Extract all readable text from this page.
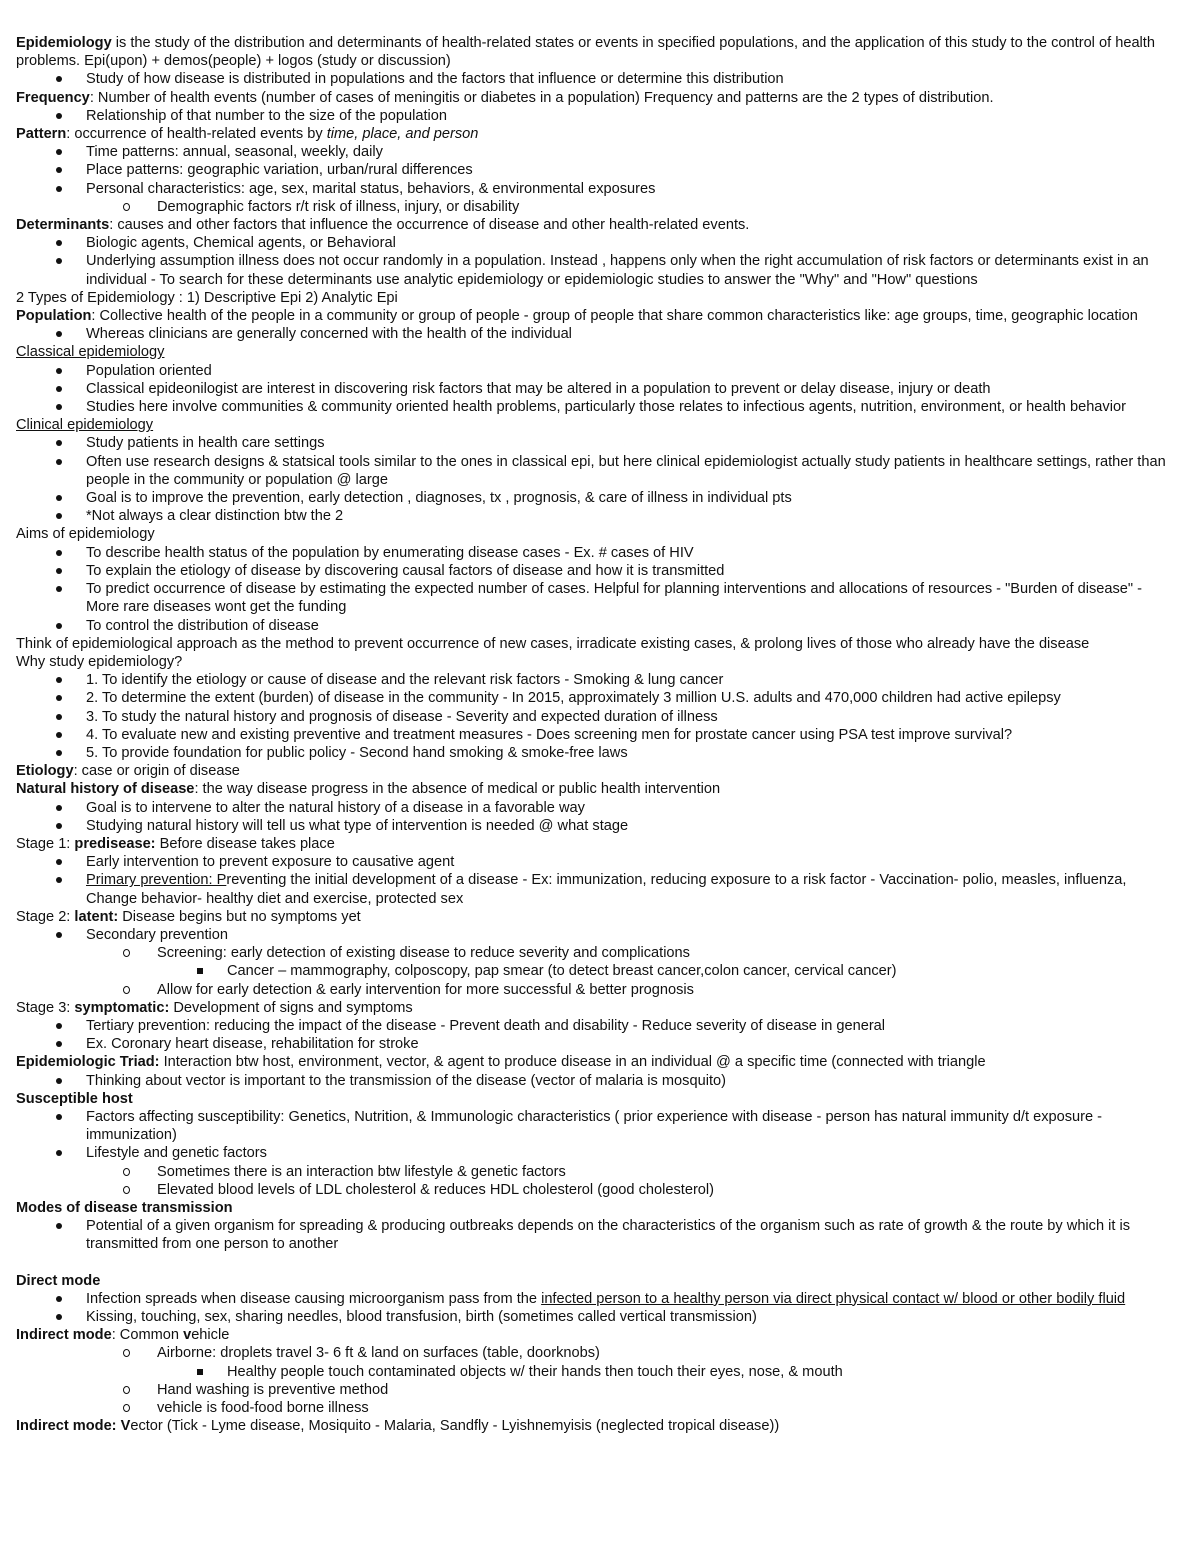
Epidemiology is the study of the distribution and determinants of health-related states or events in specified populations, and the application of this study to the control of health problems. Epi(upon) + demos(people) + logos (study or discussion)
Study of how disease is distributed in populations and the factors that influence or determine this distribution
Frequency: Number of health events (number of cases of meningitis or diabetes in a population) Frequency and patterns are the 2 types of distribution.
Relationship of that number to the size of the population
Pattern: occurrence of health-related events by time, place, and person
Time patterns: annual, seasonal, weekly, daily
Place patterns: geographic variation, urban/rural differences
Personal characteristics: age, sex, marital status, behaviors, & environmental exposures
Demographic factors r/t risk of illness, injury, or disability
Determinants: causes and other factors that influence the occurrence of disease and other health-related events.
Biologic agents, Chemical agents, or Behavioral
Underlying assumption illness does not occur randomly in a population. Instead , happens only when the right accumulation of risk factors or determinants exist in an individual - To search for these determinants use analytic epidemiology or epidemiologic studies to answer the "Why" and "How" questions
2 Types of Epidemiology : 1) Descriptive Epi 2) Analytic Epi
Population: Collective health of the people in a community or group of people - group of people that share common characteristics like: age groups, time, geographic location
Whereas clinicians are generally concerned with the health of the individual
Classical epidemiology
Population oriented
Classical epideonilogist are interest in discovering risk factors that may be altered in a population to prevent or delay disease, injury or death
Studies here involve communities & community oriented health problems, particularly those relates to infectious agents, nutrition, environment, or health behavior
Clinical epidemiology
Study patients in health care settings
Often use research designs & statsical tools similar to the ones in classical epi, but here clinical epidemiologist actually study patients in healthcare settings, rather than people in the community or population @ large
Goal is to improve the prevention, early detection , diagnoses, tx , prognosis, & care of illness in individual pts
*Not always a clear distinction btw the 2
Aims of epidemiology
To describe health status of the population by enumerating disease cases - Ex. # cases of HIV
To explain the etiology of disease by discovering causal factors of disease and how it is transmitted
To predict occurrence of disease by estimating the expected number of cases. Helpful for planning interventions and allocations of resources - "Burden of disease" - More rare diseases wont get the funding
To control the distribution of disease
Think of epidemiological approach as the method to prevent occurrence of new cases, irradicate existing cases, & prolong lives of those who already have the disease
Why study epidemiology?
1. To identify the etiology or cause of disease and the relevant risk factors - Smoking & lung cancer
2. To determine the extent (burden) of disease in the community - In 2015, approximately 3 million U.S. adults and 470,000 children had active epilepsy
3. To study the natural history and prognosis of disease - Severity and expected duration of illness
4. To evaluate new and existing preventive and treatment measures - Does screening men for prostate cancer using PSA test improve survival?
5. To provide foundation for public policy - Second hand smoking & smoke-free laws
Etiology: case or origin of disease
Natural history of disease: the way disease progress in the absence of medical or public health intervention
Goal is to intervene to alter the natural history of a disease in a favorable way
Studying natural history will tell us what type of intervention is needed @ what stage
Stage 1: predisease: Before disease takes place
Early intervention to prevent exposure to causative agent
Primary prevention: Preventing the initial development of a disease - Ex: immunization, reducing exposure to a risk factor - Vaccination- polio, measles, influenza, Change behavior- healthy diet and exercise, protected sex
Stage 2: latent: Disease begins but no symptoms yet
Secondary prevention
Screening: early detection of existing disease to reduce severity and complications
Cancer – mammography, colposcopy, pap smear (to detect breast cancer,colon cancer, cervical cancer)
Allow for early detection & early intervention for more successful & better prognosis
Stage 3: symptomatic: Development of signs and symptoms
Tertiary prevention: reducing the impact of the disease - Prevent death and disability - Reduce severity of disease in general
Ex. Coronary heart disease, rehabilitation for stroke
Epidemiologic Triad: Interaction btw host, environment, vector, & agent to produce disease in an individual @ a specific time (connected with triangle
Thinking about vector is important to the transmission of the disease (vector of malaria is mosquito)
Susceptible host
Factors affecting susceptibility: Genetics, Nutrition, & Immunologic characteristics ( prior experience with disease - person has natural immunity d/t exposure - immunization)
Lifestyle and genetic factors
Sometimes there is an interaction btw lifestyle & genetic factors
Elevated blood levels of LDL cholesterol & reduces HDL cholesterol (good cholesterol)
Modes of disease transmission
Potential of a given organism for spreading & producing outbreaks depends on the characteristics of the organism such as rate of growth & the route by which it is transmitted from one person to another
Direct mode
Infection spreads when disease causing microorganism pass from the infected person to a healthy person via direct physical contact w/ blood or other bodily fluid
Kissing, touching, sex, sharing needles, blood transfusion, birth (sometimes called vertical transmission)
Indirect mode: Common vehicle
Airborne: droplets travel 3- 6 ft & land on surfaces (table, doorknobs)
Healthy people touch contaminated objects w/ their hands then touch their eyes, nose, & mouth
Hand washing is preventive method
vehicle is food-food borne illness
Indirect mode: Vector (Tick - Lyme disease, Mosiquito - Malaria, Sandfly - Lyishnemyisis (neglected tropical disease))
